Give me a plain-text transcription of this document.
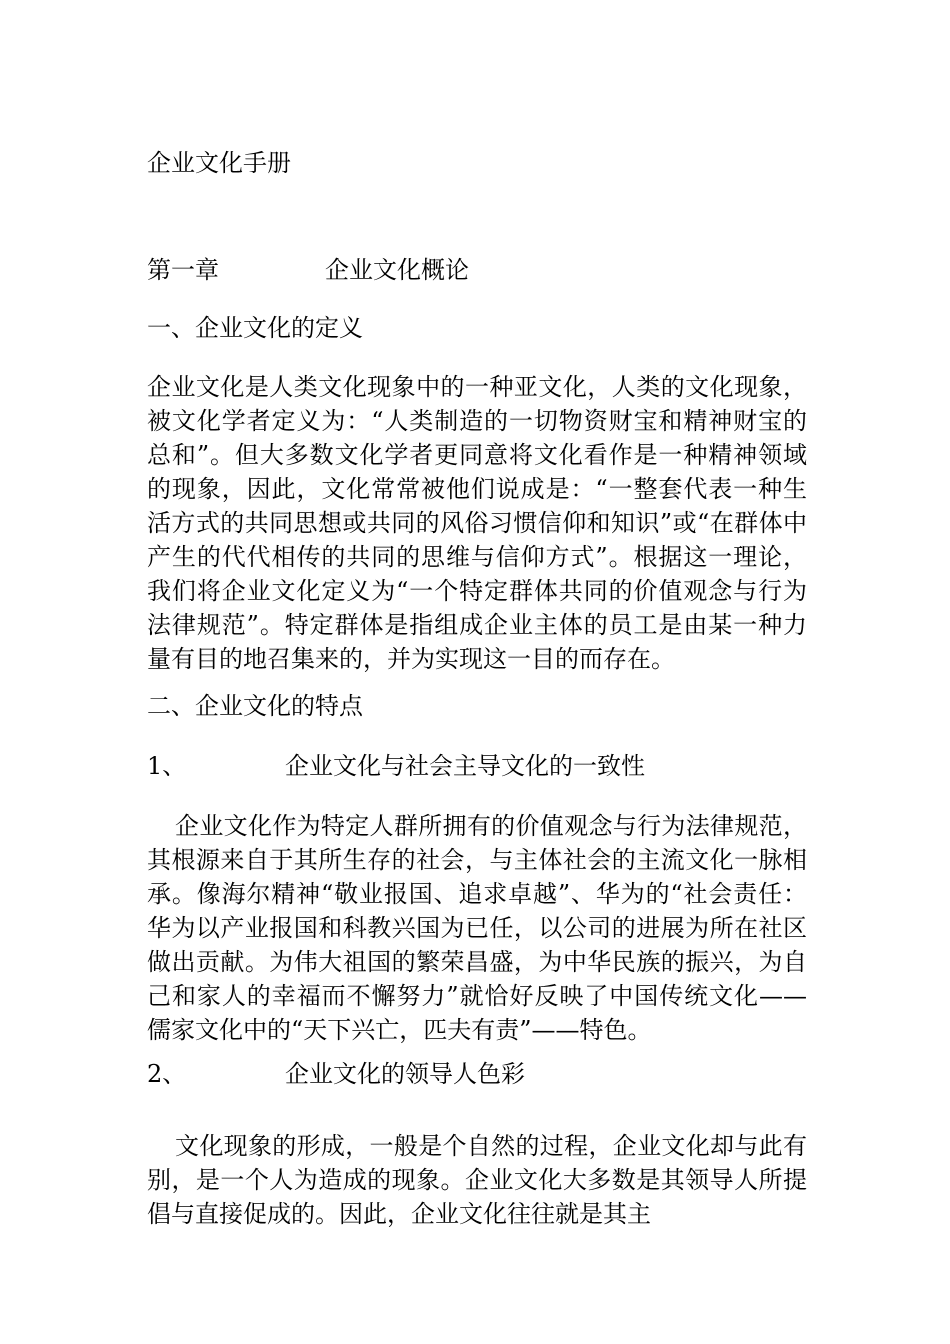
企业文化手册
第一章	企业文化概论
一、企业文化的定义
企业文化是人类文化现象中的一种亚文化，人类的文化现象，被文化学者定义为：“人类制造的一切物资财宝和精神财宝的总和”。但大多数文化学者更同意将文化看作是一种精神领域的现象，因此，文化常常被他们说成是：“一整套代表一种生活方式的共同思想或共同的风俗习惯信仰和知识”或“在群体中产生的代代相传的共同的思维与信仰方式”。根据这一理论，我们将企业文化定义为“一个特定群体共同的价值观念与行为法律规范”。特定群体是指组成企业主体的员工是由某一种力量有目的地召集来的，并为实现这一目的而存在。
二、企业文化的特点
1、	企业文化与社会主导文化的一致性
企业文化作为特定人群所拥有的价值观念与行为法律规范，其根源来自于其所生存的社会，与主体社会的主流文化一脉相承。像海尔精神“敬业报国、追求卓越”、华为的“社会责任：华为以产业报国和科教兴国为已任，以公司的进展为所在社区做出贡献。为伟大祖国的繁荣昌盛，为中华民族的振兴，为自己和家人的幸福而不懈努力”就恰好反映了中国传统文化——儒家文化中的“天下兴亡，匹夫有责”——特色。
2、	企业文化的领导人色彩
文化现象的形成，一般是个自然的过程，企业文化却与此有别，是一个人为造成的现象。企业文化大多数是其领导人所提倡与直接促成的。因此，企业文化往往就是其主
